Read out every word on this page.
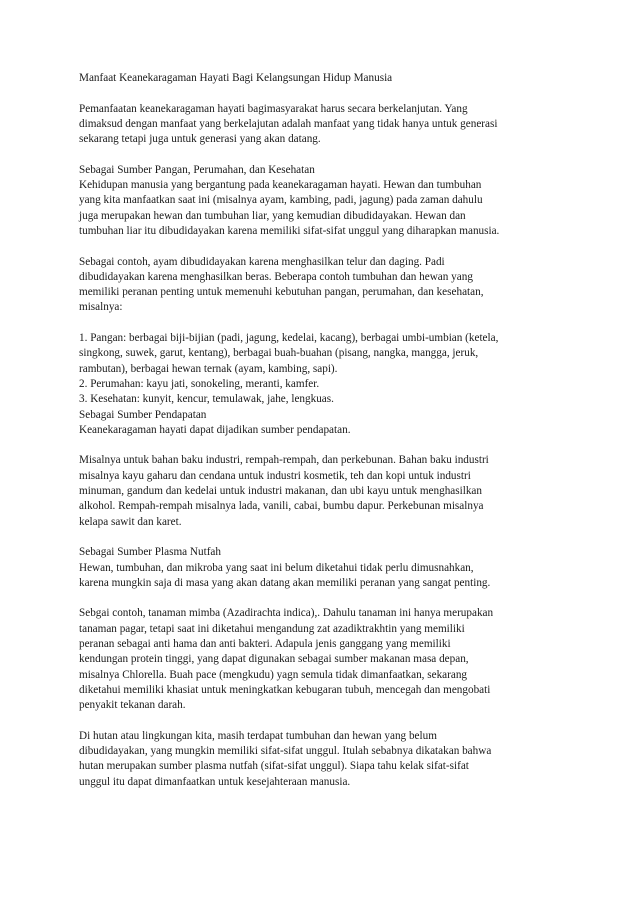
Manfaat Keanekaragaman Hayati Bagi Kelangsungan Hidup Manusia
Pemanfaatan keanekaragaman hayati bagimasyarakat harus secara berkelanjutan. Yang
dimaksud dengan manfaat yang berkelajutan adalah manfaat yang tidak hanya untuk generasi
sekarang tetapi juga untuk generasi yang akan datang.
Sebagai Sumber Pangan, Perumahan, dan Kesehatan
Kehidupan manusia yang bergantung pada keanekaragaman hayati. Hewan dan tumbuhan
yang kita manfaatkan saat ini (misalnya ayam, kambing, padi, jagung) pada zaman dahulu
juga merupakan hewan dan tumbuhan liar, yang kemudian dibudidayakan. Hewan dan
tumbuhan liar itu dibudidayakan karena memiliki sifat-sifat unggul yang diharapkan manusia.
Sebagai contoh, ayam dibudidayakan karena menghasilkan telur dan daging. Padi
dibudidayakan karena menghasilkan beras. Beberapa contoh tumbuhan dan hewan yang
memiliki peranan penting untuk memenuhi kebutuhan pangan, perumahan, dan kesehatan,
misalnya:
1. Pangan: berbagai biji-bijian (padi, jagung, kedelai, kacang), berbagai umbi-umbian (ketela,
singkong, suwek, garut, kentang), berbagai buah-buahan (pisang, nangka, mangga, jeruk,
rambutan), berbagai hewan ternak (ayam, kambing, sapi).
2. Perumahan: kayu jati, sonokeling, meranti, kamfer.
3. Kesehatan: kunyit, kencur, temulawak, jahe, lengkuas.
Sebagai Sumber Pendapatan
Keanekaragaman hayati dapat dijadikan sumber pendapatan.
Misalnya untuk bahan baku industri, rempah-rempah, dan perkebunan. Bahan baku industri
misalnya kayu gaharu dan cendana untuk industri kosmetik, teh dan kopi untuk industri
minuman, gandum dan kedelai untuk industri makanan, dan ubi kayu untuk menghasilkan
alkohol. Rempah-rempah misalnya lada, vanili, cabai, bumbu dapur. Perkebunan misalnya
kelapa sawit dan karet.
Sebagai Sumber Plasma Nutfah
Hewan, tumbuhan, dan mikroba yang saat ini belum diketahui tidak perlu dimusnahkan,
karena mungkin saja di masa yang akan datang akan memiliki peranan yang sangat penting.
Sebgai contoh, tanaman mimba (Azadirachta indica),. Dahulu tanaman ini hanya merupakan
tanaman pagar, tetapi saat ini diketahui mengandung zat azadiktrakhtin yang memiliki
peranan sebagai anti hama dan anti bakteri. Adapula jenis ganggang yang memiliki
kendungan protein tinggi, yang dapat digunakan sebagai sumber makanan masa depan,
misalnya Chlorella. Buah pace (mengkudu) yagn semula tidak dimanfaatkan, sekarang
diketahui memiliki khasiat untuk meningkatkan kebugaran tubuh, mencegah dan mengobati
penyakit tekanan darah.
Di hutan atau lingkungan kita, masih terdapat tumbuhan dan hewan yang belum
dibudidayakan, yang mungkin memiliki sifat-sifat unggul. Itulah sebabnya dikatakan bahwa
hutan merupakan sumber plasma nutfah (sifat-sifat unggul). Siapa tahu kelak sifat-sifat
unggul itu dapat dimanfaatkan untuk kesejahteraan manusia.
